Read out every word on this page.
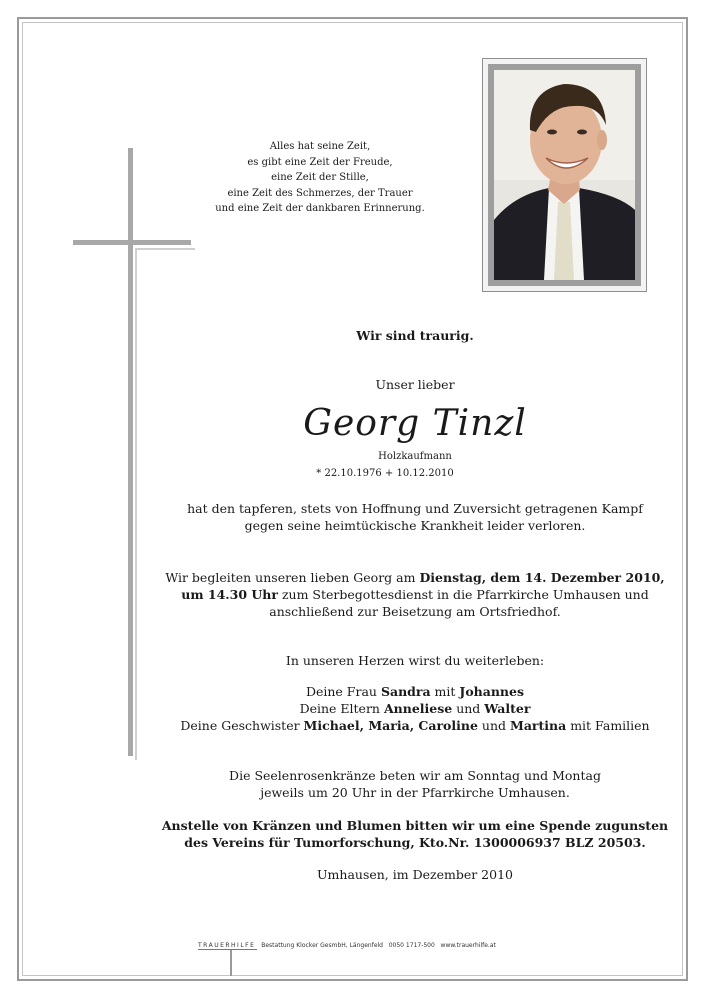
Alles hat seine Zeit,
es gibt eine Zeit der Freude,
eine Zeit der Stille,
eine Zeit des Schmerzes, der Trauer
und eine Zeit der dankbaren Erinnerung.
Wir sind traurig.
Unser lieber
Georg Tinzl
Holzkaufmann
* 22.10.1976 + 10.12.2010
hat den tapferen, stets von Hoffnung und Zuversicht getragenen Kampf
gegen seine heimtückische Krankheit leider verloren.
Wir begleiten unseren lieben Georg am Dienstag, dem 14. Dezember 2010,
um 14.30 Uhr zum Sterbegottesdienst in die Pfarrkirche Umhausen und
anschließend zur Beisetzung am Ortsfriedhof.
In unseren Herzen wirst du weiterleben:
Deine Frau Sandra mit Johannes
Deine Eltern Anneliese und Walter
Deine Geschwister Michael, Maria, Caroline und Martina mit Familien
Die Seelenrosenkränze beten wir am Sonntag und Montag
jeweils um 20 Uhr in der Pfarrkirche Umhausen.
Anstelle von Kränzen und Blumen bitten wir um eine Spende zugunsten
des Vereins für Tumorforschung, Kto.Nr. 1300006937 BLZ 20503.
Umhausen, im Dezember 2010
TRAUERHILFE Bestattung Klocker GesmbH, Längenfeld 0050 1717-500 www.trauerhilfe.at
